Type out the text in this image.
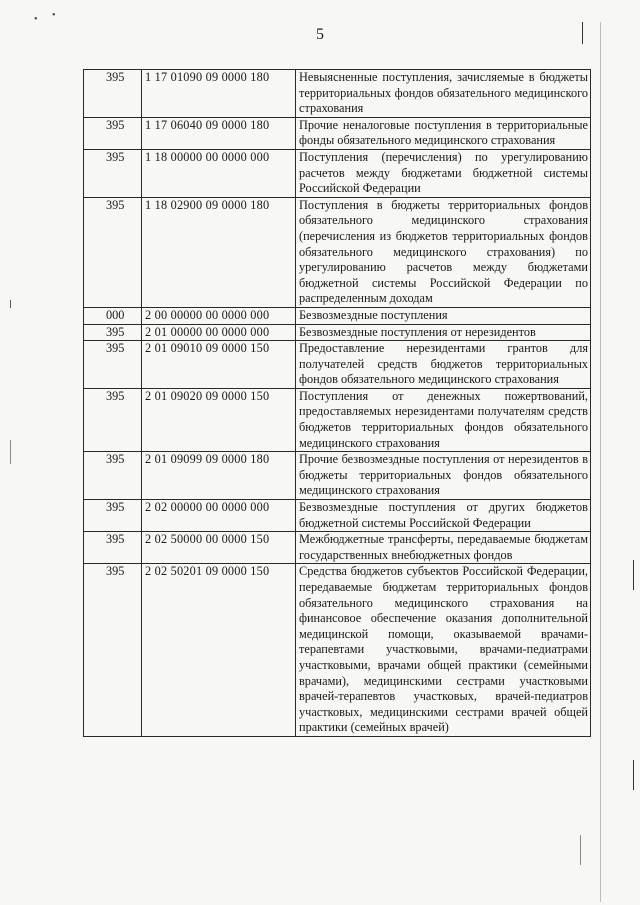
5
395	1 17 01090 09 0000 180	Невыясненные поступления, зачисляемые в бюджеты территориальных фондов обязательного медицинского страхования
395	1 17 06040 09 0000 180	Прочие неналоговые поступления в территориальные фонды обязательного медицинского страхования
395	1 18 00000 00 0000 000	Поступления (перечисления) по урегулированию расчетов между бюджетами бюджетной системы Российской Федерации
395	1 18 02900 09 0000 180	Поступления в бюджеты территориальных фондов обязательного медицинского страхования (перечисления из бюджетов территориальных фондов обязательного медицинского страхования) по урегулированию расчетов между бюджетами бюджетной системы Российской Федерации по распределенным доходам
000	2 00 00000 00 0000 000	Безвозмездные поступления
395	2 01 00000 00 0000 000	Безвозмездные поступления от нерезидентов
395	2 01 09010 09 0000 150	Предоставление нерезидентами грантов для получателей средств бюджетов территориальных фондов обязательного медицинского страхования
395	2 01 09020 09 0000 150	Поступления от денежных пожертвований, предоставляемых нерезидентами получателям средств бюджетов территориальных фондов обязательного медицинского страхования
395	2 01 09099 09 0000 180	Прочие безвозмездные поступления от нерезидентов в бюджеты территориальных фондов обязательного медицинского страхования
395	2 02 00000 00 0000 000	Безвозмездные поступления от других бюджетов бюджетной системы Российской Федерации
395	2 02 50000 00 0000 150	Межбюджетные трансферты, передаваемые бюджетам государственных внебюджетных фондов
395	2 02 50201 09 0000 150	Средства бюджетов субъектов Российской Федерации, передаваемые бюджетам территориальных фондов обязательного медицинского страхования на финансовое обеспечение оказания дополнительной медицинской помощи, оказываемой врачами-терапевтами участковыми, врачами-педиатрами участковыми, врачами общей практики (семейными врачами), медицинскими сестрами участковыми врачей-терапевтов участковых, врачей-педиатров участковых, медицинскими сестрами врачей общей практики (семейных врачей)
• •
